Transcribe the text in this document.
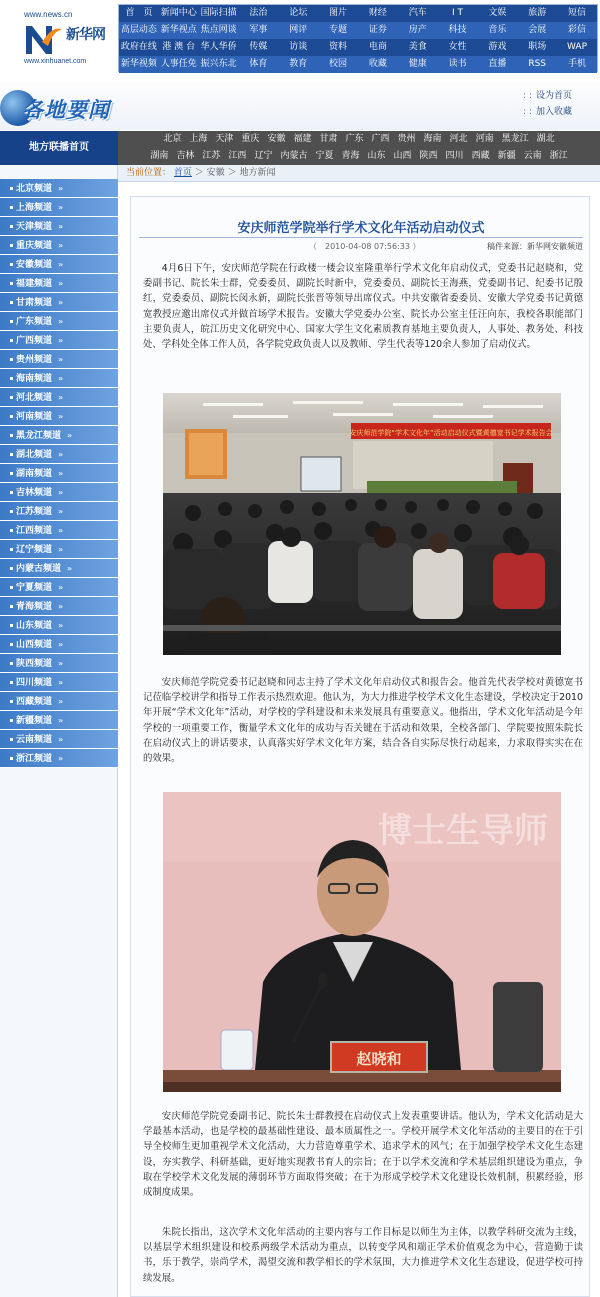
www.news.cn
新华网
www.xinhuanet.com
首　页 新闻中心 国际扫描	法治	论坛	图片	财经	汽车	I T	文娱	旅游	短信
高层动态 新华视点 焦点网谈	军事	网评	专题	证券	房产	科技	音乐	会展	彩信
政府在线 港 澳 台 华人华侨	传媒	访谈	资料	电商	美食	女性	游戏	职场	WAP
新华视频 人事任免 振兴东北	体育	教育	校园	收藏	健康	读书	直播	RSS	手机
各地要闻
: : 设为首页
: : 加入收藏
地方联播首页
北京 上海 天津 重庆 安徽 福建 甘肃 广东 广西 贵州 海南 河北 河南 黑龙江 湖北
湖南 吉林 江苏 江西 辽宁 内蒙古 宁夏 青海 山东 山西 陕西 四川 西藏 新疆 云南 浙江
北京频道 »
上海频道 »
天津频道 »
重庆频道 »
安徽频道 »
福建频道 »
甘肃频道 »
广东频道 »
广西频道 »
贵州频道 »
海南频道 »
河北频道 »
河南频道 »
黑龙江频道 »
湖北频道 »
湖南频道 »
吉林频道 »
江苏频道 »
江西频道 »
辽宁频道 »
内蒙古频道 »
宁夏频道 »
青海频道 »
山东频道 »
山西频道 »
陕西频道 »
四川频道 »
西藏频道 »
新疆频道 »
云南频道 »
浙江频道 »
当前位置： 首页 ＞ 安徽 ＞ 地方新闻
安庆师范学院举行学术文化年活动启动仪式
（　2010-04-08 07:56:33 ）	稿件来源：新华网安徽频道

4月6日下午，安庆师范学院在行政楼一楼会议室隆重举行学术文化年启动仪式，党委书记赵晓和，党委副书记、院长朱士群，党委委员、副院长时新中，党委委员、副院长王海燕，党委副书记、纪委书记殷红，党委委员、副院长闵永新，副院长张晋等领导出席仪式。中共安徽省委委员、安徽大学党委书记黄德宽教授应邀出席仪式并做首场学术报告。安徽大学党委办公室、院长办公室主任汪向东，我校各职能部门主要负责人，皖江历史文化研究中心、国家大学生文化素质教育基地主要负责人，人事处、教务处、科技处、学科处全体工作人员，各学院党政负责人以及教师、学生代表等120余人参加了启动仪式。

安庆师范学院“学术文化年”活动启动仪式暨黄德宽书记学术报告会

安庆师范学院党委书记赵晓和同志主持了学术文化年启动仪式和报告会。他首先代表学校对黄德宽书记莅临学校讲学和指导工作表示热烈欢迎。他认为，为大力推进学校学术文化生态建设，学校决定于2010年开展“学术文化年”活动，对学校的学科建设和未来发展具有重要意义。他指出，学术文化年活动是今年学校的一项重要工作，衡量学术文化年的成功与否关键在于活动和效果，全校各部门、学院要按照朱院长在启动仪式上的讲话要求，认真落实好学术文化年方案，结合各自实际尽快行动起来，力求取得实实在在的效果。

博士生导师
赵晓和

安庆师范学院党委副书记、院长朱士群教授在启动仪式上发表重要讲话。他认为，学术文化活动是大学最基本活动，也是学校的最基础性建设、最本质属性之一。学校开展学术文化年活动的主要目的在于引导全校师生更加重视学术文化活动，大力营造尊重学术、追求学术的风气；在于加强学校学术文化生态建设，夯实教学、科研基础，更好地实现教书育人的宗旨；在于以学术交流和学术基层组织建设为重点，争取在学校学术文化发展的薄弱环节方面取得突破；在于为形成学校学术文化建设长效机制，积累经验，形成制度成果。

朱院长指出，这次学术文化年活动的主要内容与工作目标是以师生为主体，以教学科研交流为主线，以基层学术组织建设和校系两级学术活动为重点，以转变学风和端正学术价值观念为中心，营造勤于读书，乐于教学，崇尚学术，渴望交流和教学相长的学术氛围，大力推进学术文化生态建设，促进学校可持续发展。
